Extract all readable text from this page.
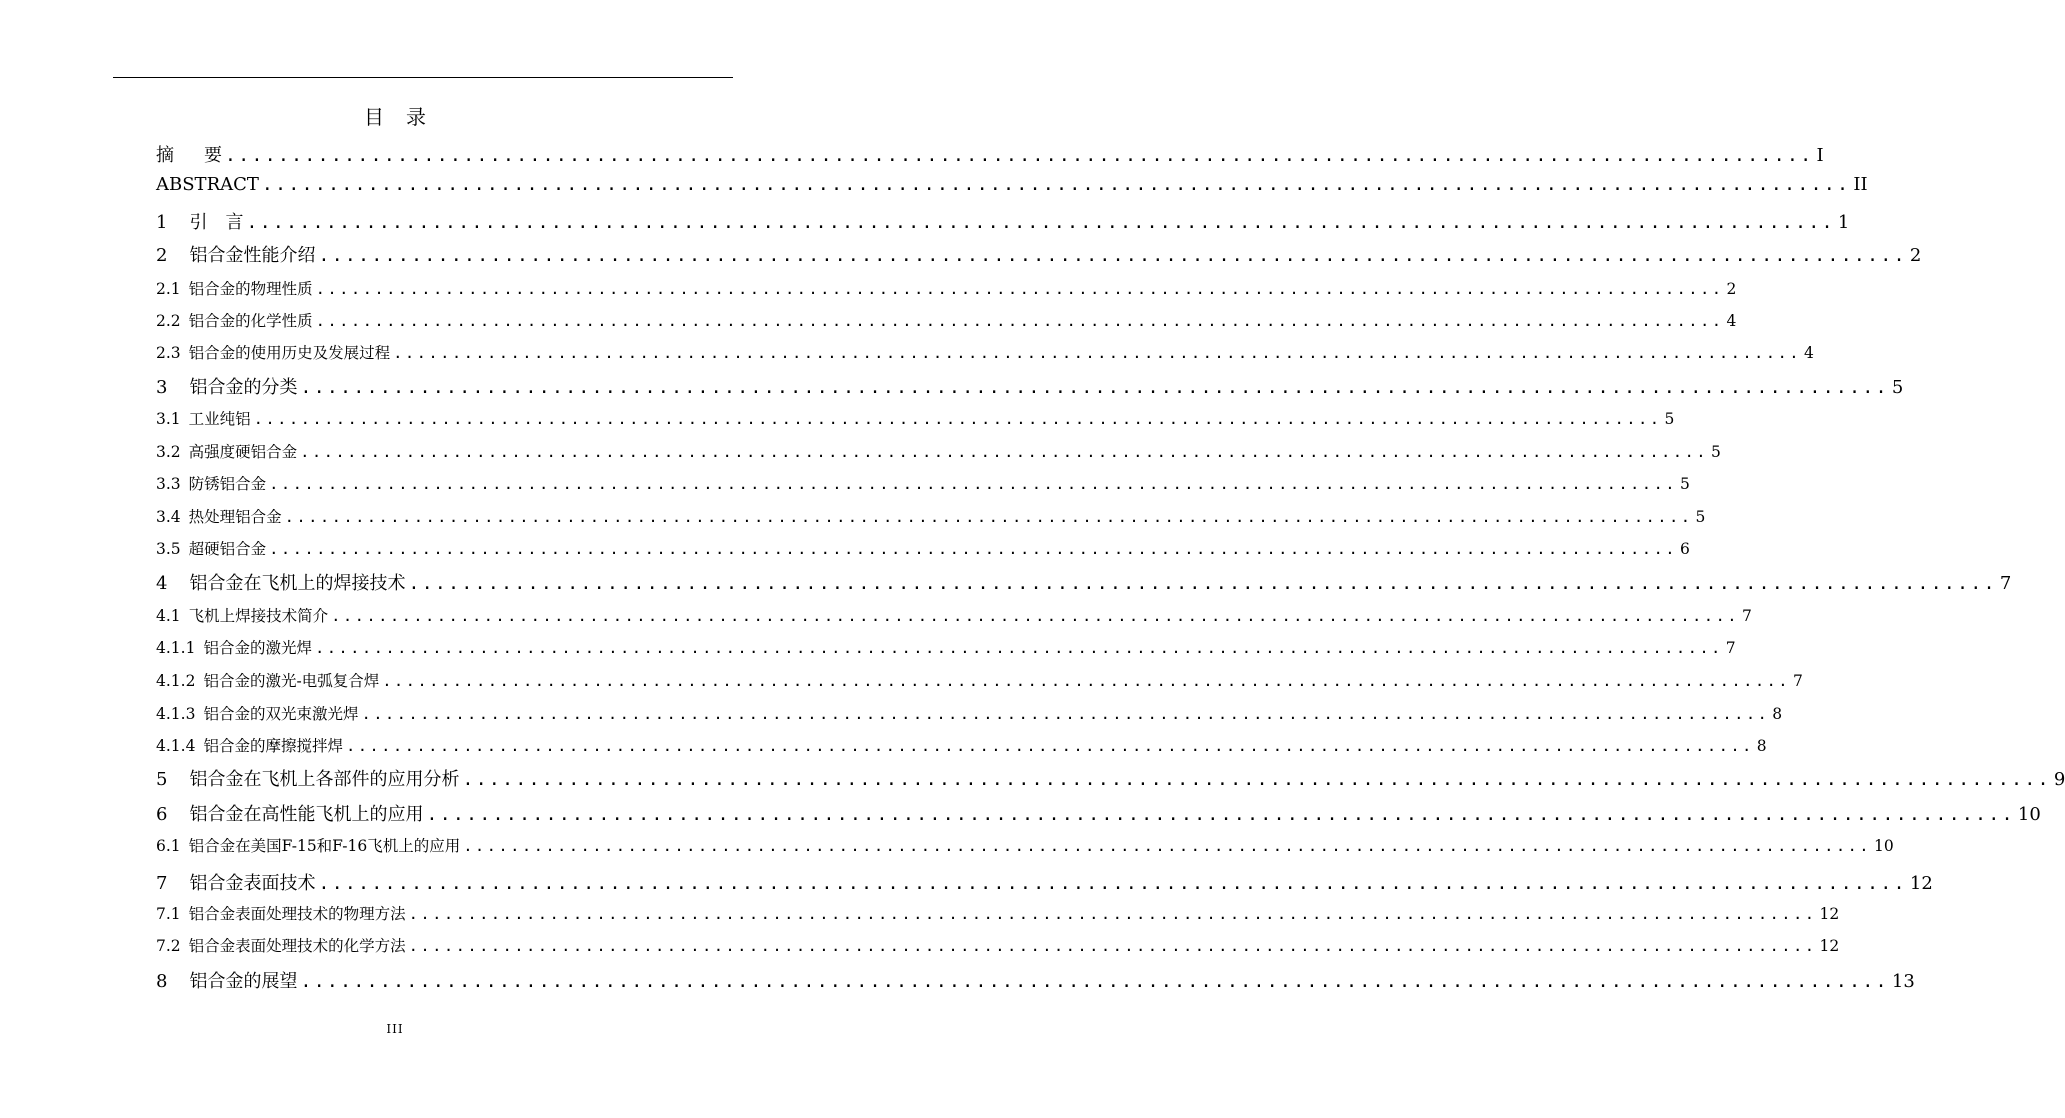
目 录
摘 要 ........................................................................................................................ I
ABSTRACT ........................................................................................................................ II
1 引　言 ........................................................................................................................ 1
2 铝合金性能介绍 ........................................................................................................................ 2
2.1 铝合金的物理性质 ........................................................................................................................ 2
2.2 铝合金的化学性质 ........................................................................................................................ 4
2.3 铝合金的使用历史及发展过程 ........................................................................................................................ 4
3 铝合金的分类 ........................................................................................................................ 5
3.1 工业纯铝 ........................................................................................................................ 5
3.2 高强度硬铝合金 ........................................................................................................................ 5
3.3 防锈铝合金 ........................................................................................................................ 5
3.4 热处理铝合金 ........................................................................................................................ 5
3.5 超硬铝合金 ........................................................................................................................ 6
4 铝合金在飞机上的焊接技术 ........................................................................................................................ 7
4.1 飞机上焊接技术简介 ........................................................................................................................ 7
4.1.1 铝合金的激光焊 ........................................................................................................................ 7
4.1.2 铝合金的激光-电弧复合焊 ........................................................................................................................ 7
4.1.3 铝合金的双光束激光焊 ........................................................................................................................ 8
4.1.4 铝合金的摩擦搅拌焊 ........................................................................................................................ 8
5 铝合金在飞机上各部件的应用分析 ........................................................................................................................ 9
6 铝合金在高性能飞机上的应用 ........................................................................................................................ 10
6.1 铝合金在美国F-15和F-16飞机上的应用 ........................................................................................................................ 10
7 铝合金表面技术 ........................................................................................................................ 12
7.1 铝合金表面处理技术的物理方法 ........................................................................................................................ 12
7.2 铝合金表面处理技术的化学方法 ........................................................................................................................ 12
8 铝合金的展望 ........................................................................................................................ 13
III
